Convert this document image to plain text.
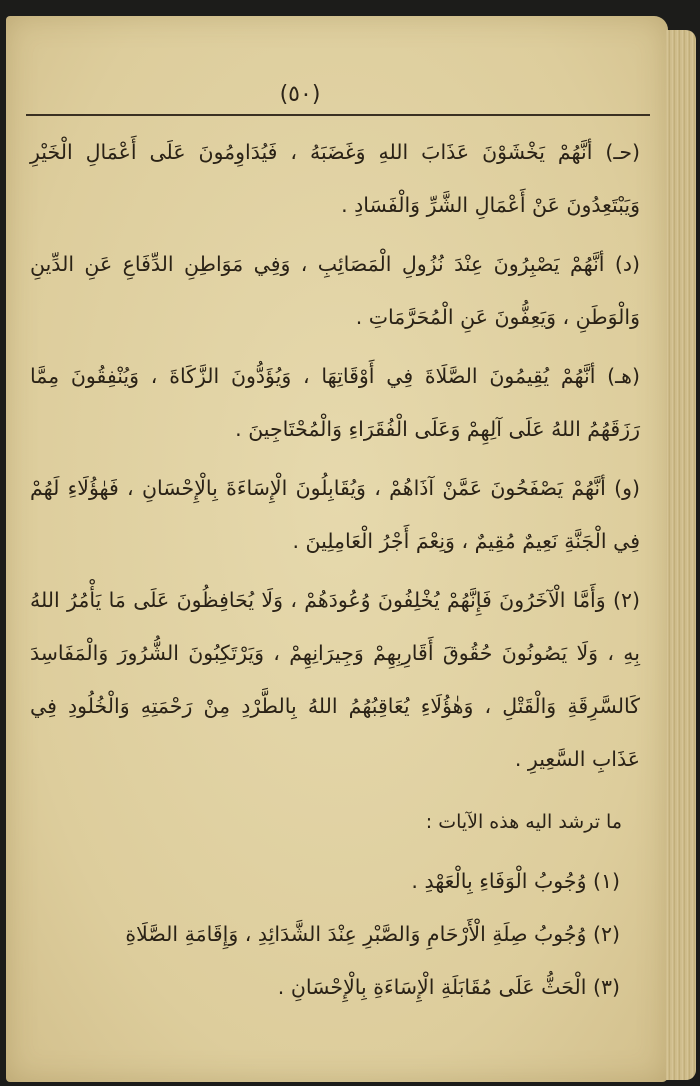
(٥٠)

(حـ) أنَّهُمْ يَخْشَوْنَ عَذَابَ اللهِ وَغَضَبَهُ ، فَيُدَاوِمُونَ عَلَى أَعْمَالِ الْخَيْرِ وَيَبْتَعِدُونَ عَنْ أَعْمَالِ الشَّرِّ وَالْفَسَادِ .

(د) أنَّهُمْ يَصْبِرُونَ عِنْدَ نُزُولِ الْمَصَائِبِ ، وَفِي مَوَاطِنِ الدِّفَاعِ عَنِ الدِّينِ وَالْوَطَنِ ، وَيَعِفُّونَ عَنِ الْمُحَرَّمَاتِ .

(هـ) أنَّهُمْ يُقِيمُونَ الصَّلَاةَ فِي أَوْقَاتِهَا ، وَيُؤَدُّونَ الزَّكَاةَ ، وَيُنْفِقُونَ مِمَّا رَزَقَهُمُ اللهُ عَلَى آلِهِمْ وَعَلَى الْفُقَرَاءِ وَالْمُحْتَاجِينَ .

(و) أنَّهُمْ يَصْفَحُونَ عَمَّنْ آذَاهُمْ ، وَيُقَابِلُونَ الْإِسَاءَةَ بِالْإِحْسَانِ ، فَهٰؤُلَاءِ لَهُمْ فِي الْجَنَّةِ نَعِيمٌ مُقِيمٌ ، وَنِعْمَ أَجْرُ الْعَامِلِينَ .

(٢) وَأَمَّا الْآخَرُونَ فَإِنَّهُمْ يُخْلِفُونَ وُعُودَهُمْ ، وَلَا يُحَافِظُونَ عَلَى مَا يَأْمُرُ اللهُ بِهِ ، وَلَا يَصُونُونَ حُقُوقَ أَقَارِبِهِمْ وَجِيرَانِهِمْ ، وَيَرْتَكِبُونَ الشُّرُورَ وَالْمَفَاسِدَ كَالسَّرِقَةِ وَالْقَتْلِ ، وَهٰؤُلَاءِ يُعَاقِبُهُمُ اللهُ بِالطَّرْدِ مِنْ رَحْمَتِهِ وَالْخُلُودِ فِي عَذَابِ السَّعِيرِ .

ما ترشد اليه هذه الآيات :

(١) وُجُوبُ الْوَفَاءِ بِالْعَهْدِ .

(٢) وُجُوبُ صِلَةِ الْأَرْحَامِ وَالصَّبْرِ عِنْدَ الشَّدَائِدِ ، وَإِقَامَةِ الصَّلَاةِ

(٣) الْحَثُّ عَلَى مُقَابَلَةِ الْإِسَاءَةِ بِالْإِحْسَانِ .
